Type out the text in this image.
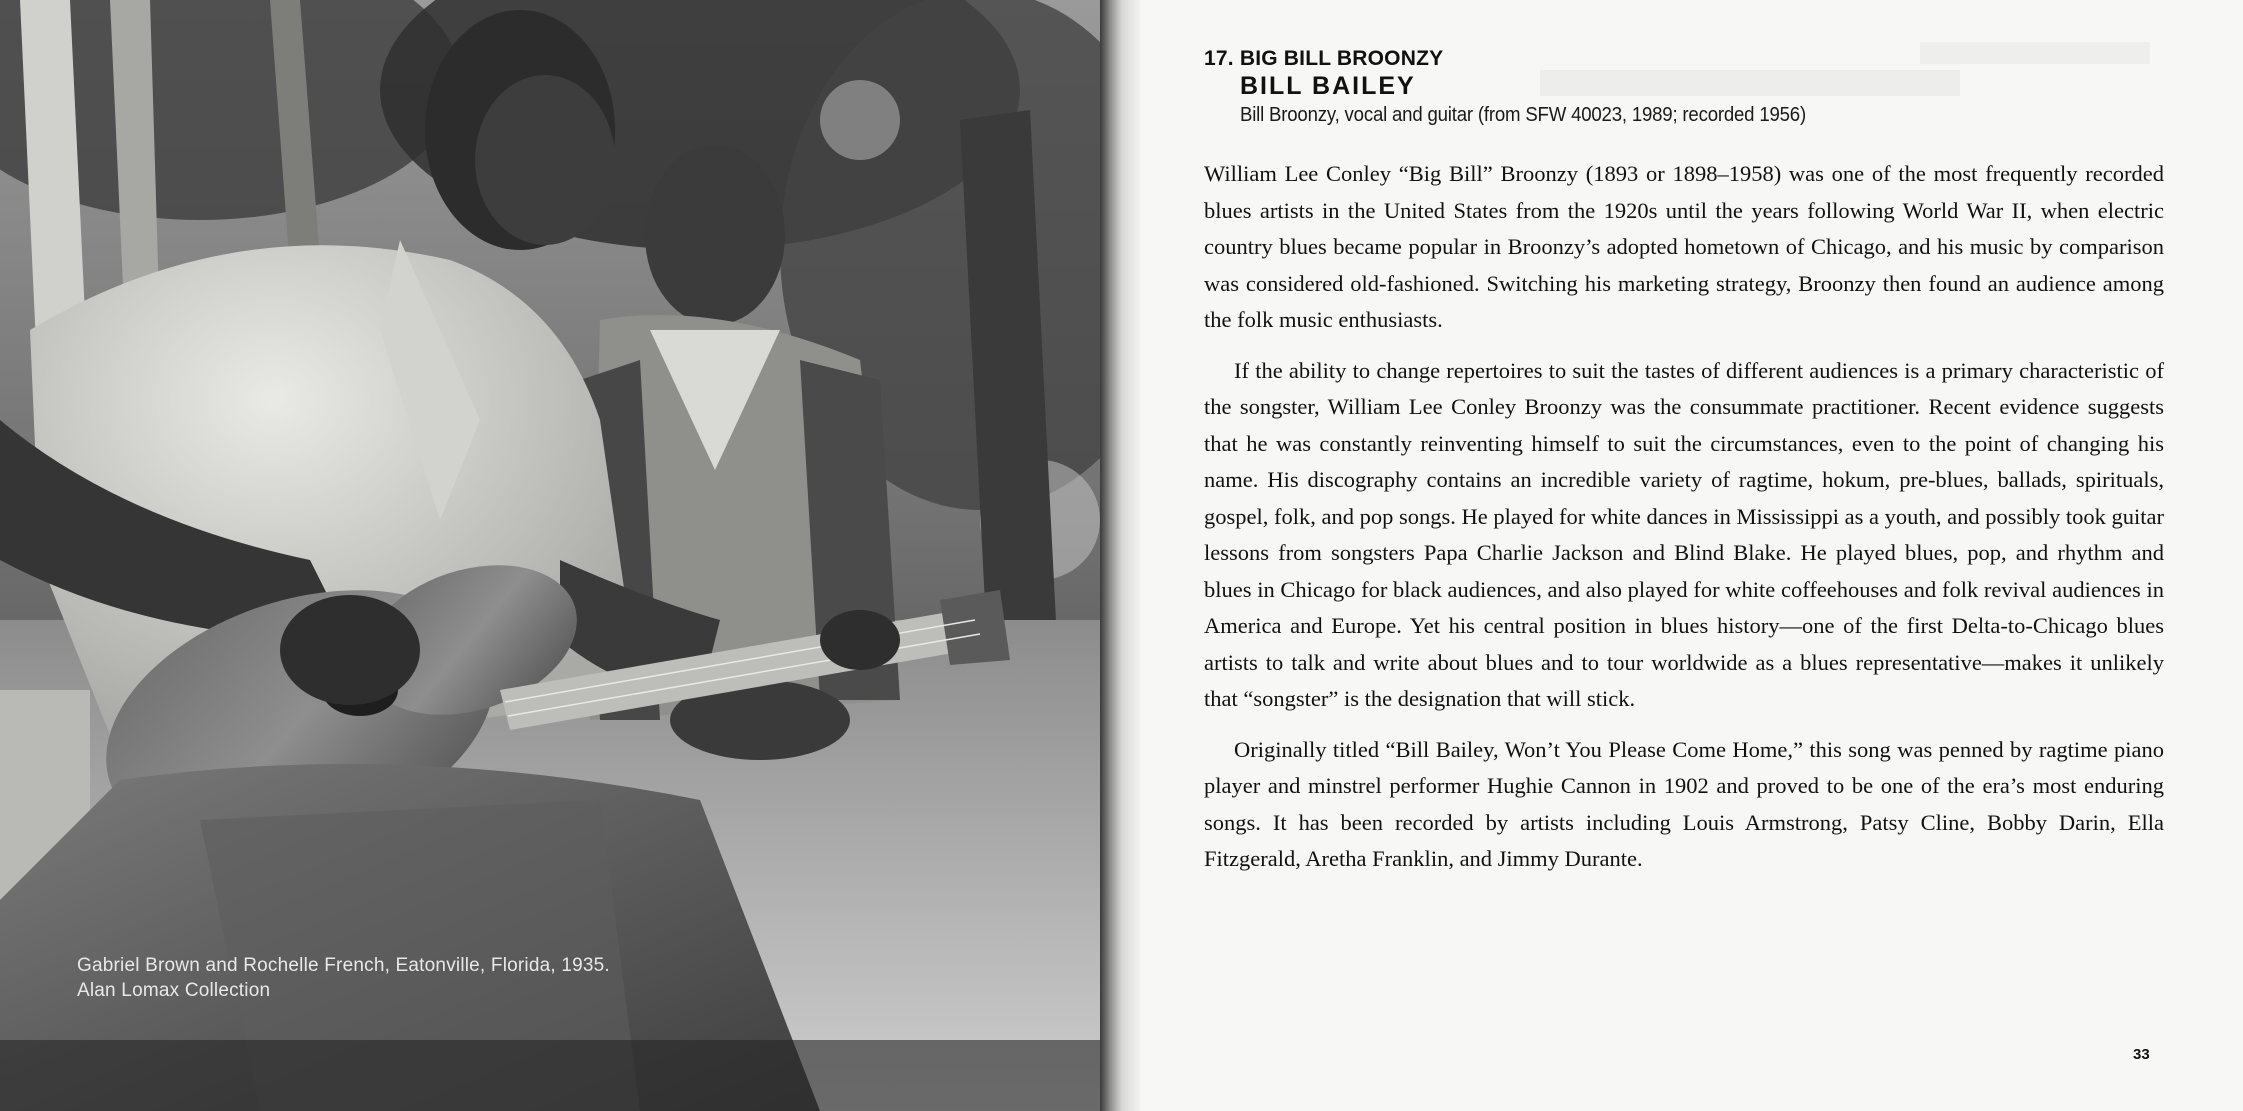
Gabriel Brown and Rochelle French, Eatonville, Florida, 1935.
Alan Lomax Collection
17. BIG BILL BROONZY
BILL BAILEY
Bill Broonzy, vocal and guitar (from SFW 40023, 1989; recorded 1956)

William Lee Conley “Big Bill” Broonzy (1893 or 1898–1958) was one of the most frequently recorded blues artists in the United States from the 1920s until the years following World War II, when electric country blues became popular in Broonzy’s adopted hometown of Chicago, and his music by comparison was considered old-fashioned. Switching his marketing strategy, Broonzy then found an audience among the folk music enthusiasts.

If the ability to change repertoires to suit the tastes of different audiences is a primary characteristic of the songster, William Lee Conley Broonzy was the consummate practitioner. Recent evidence suggests that he was constantly reinventing himself to suit the circumstances, even to the point of changing his name. His discography contains an incredible variety of ragtime, hokum, pre-blues, ballads, spirituals, gospel, folk, and pop songs. He played for white dances in Mississippi as a youth, and possibly took guitar lessons from songsters Papa Charlie Jackson and Blind Blake. He played blues, pop, and rhythm and blues in Chicago for black audiences, and also played for white coffeehouses and folk revival audiences in America and Europe. Yet his central position in blues history—one of the first Delta-to-Chicago blues artists to talk and write about blues and to tour worldwide as a blues representative—makes it unlikely that “songster” is the designation that will stick.

Originally titled “Bill Bailey, Won’t You Please Come Home,” this song was penned by ragtime piano player and minstrel performer Hughie Cannon in 1902 and proved to be one of the era’s most enduring songs. It has been recorded by artists including Louis Armstrong, Patsy Cline, Bobby Darin, Ella Fitzgerald, Aretha Franklin, and Jimmy Durante.

33
